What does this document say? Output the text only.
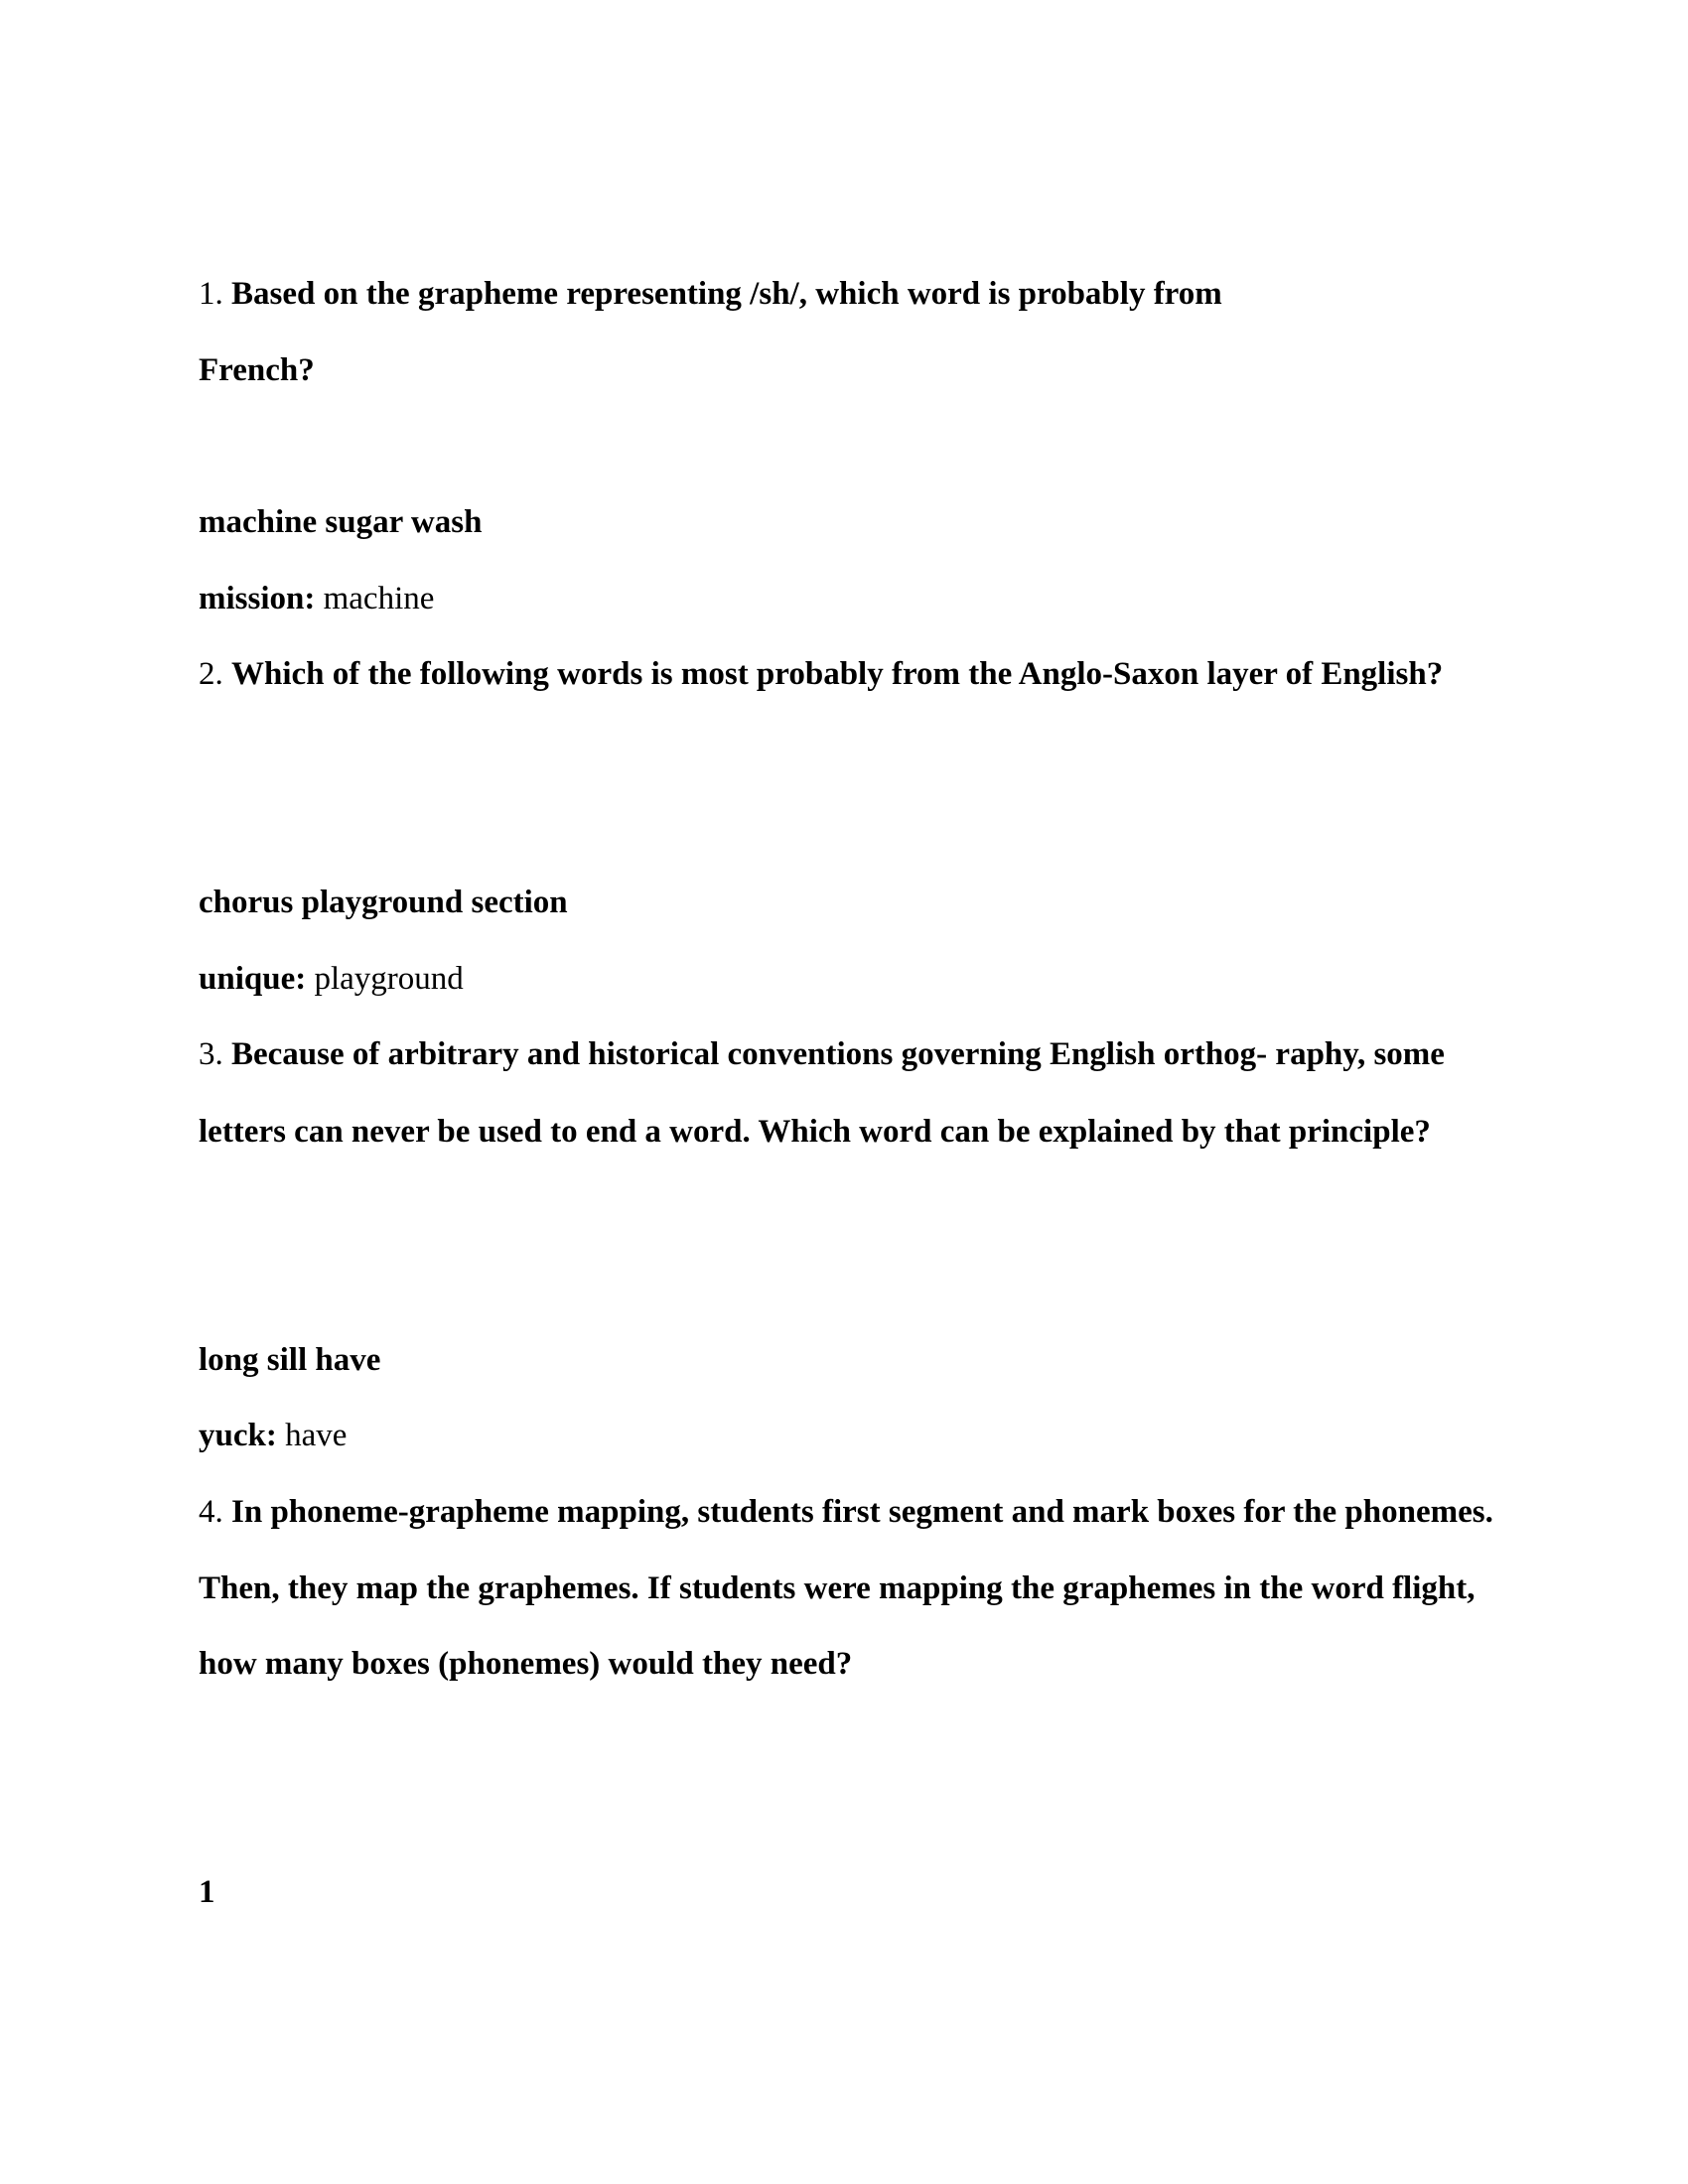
1. Based on the grapheme representing /sh/, which word is probably from
French?
machine sugar wash
mission: machine
2. Which of the following words is most probably from the Anglo-Saxon layer of English?
chorus playground section
unique: playground
3. Because of arbitrary and historical conventions governing English orthog- raphy, some
letters can never be used to end a word. Which word can be explained by that principle?
long sill have
yuck: have
4. In phoneme-grapheme mapping, students first segment and mark boxes for the phonemes.
Then, they map the graphemes. If students were mapping the graphemes in the word flight,
how many boxes (phonemes) would they need?
1
